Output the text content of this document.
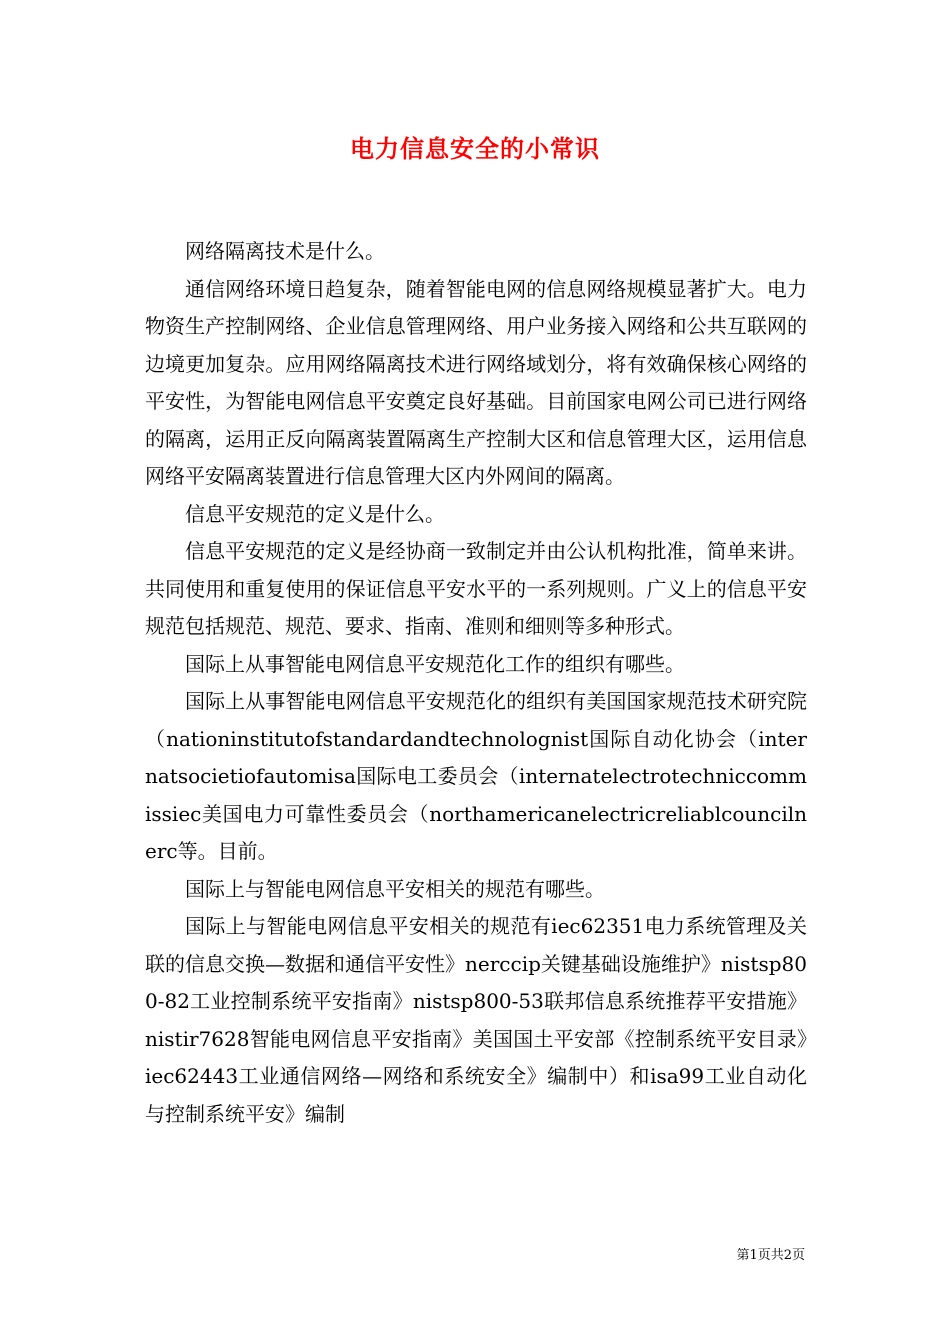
电力信息安全的小常识

网络隔离技术是什么。

通信网络环境日趋复杂，随着智能电网的信息网络规模显著扩大。电力物资生产控制网络、企业信息管理网络、用户业务接入网络和公共互联网的边境更加复杂。应用网络隔离技术进行网络域划分，将有效确保核心网络的平安性，为智能电网信息平安奠定良好基础。目前国家电网公司已进行网络的隔离，运用正反向隔离装置隔离生产控制大区和信息管理大区，运用信息网络平安隔离装置进行信息管理大区内外网间的隔离。

信息平安规范的定义是什么。

信息平安规范的定义是经协商一致制定并由公认机构批准，简单来讲。共同使用和重复使用的保证信息平安水平的一系列规则。广义上的信息平安规范包括规范、规范、要求、指南、准则和细则等多种形式。

国际上从事智能电网信息平安规范化工作的组织有哪些。

国际上从事智能电网信息平安规范化的组织有美国国家规范技术研究院（nationinstitutofstandardandtechnolognist国际自动化协会（internatsocietiofautomisa国际电工委员会（internatelectrotechniccommissiec美国电力可靠性委员会（northamericanelectricreliablcouncilnerc等。目前。

国际上与智能电网信息平安相关的规范有哪些。

国际上与智能电网信息平安相关的规范有iec62351电力系统管理及关联的信息交换—数据和通信平安性》nerccip关键基础设施维护》nistsp800-82工业控制系统平安指南》nistsp800-53联邦信息系统推荐平安措施》nistir7628智能电网信息平安指南》美国国土平安部《控制系统平安目录》iec62443工业通信网络—网络和系统安全》编制中）和isa99工业自动化与控制系统平安》编制

第1页共2页
